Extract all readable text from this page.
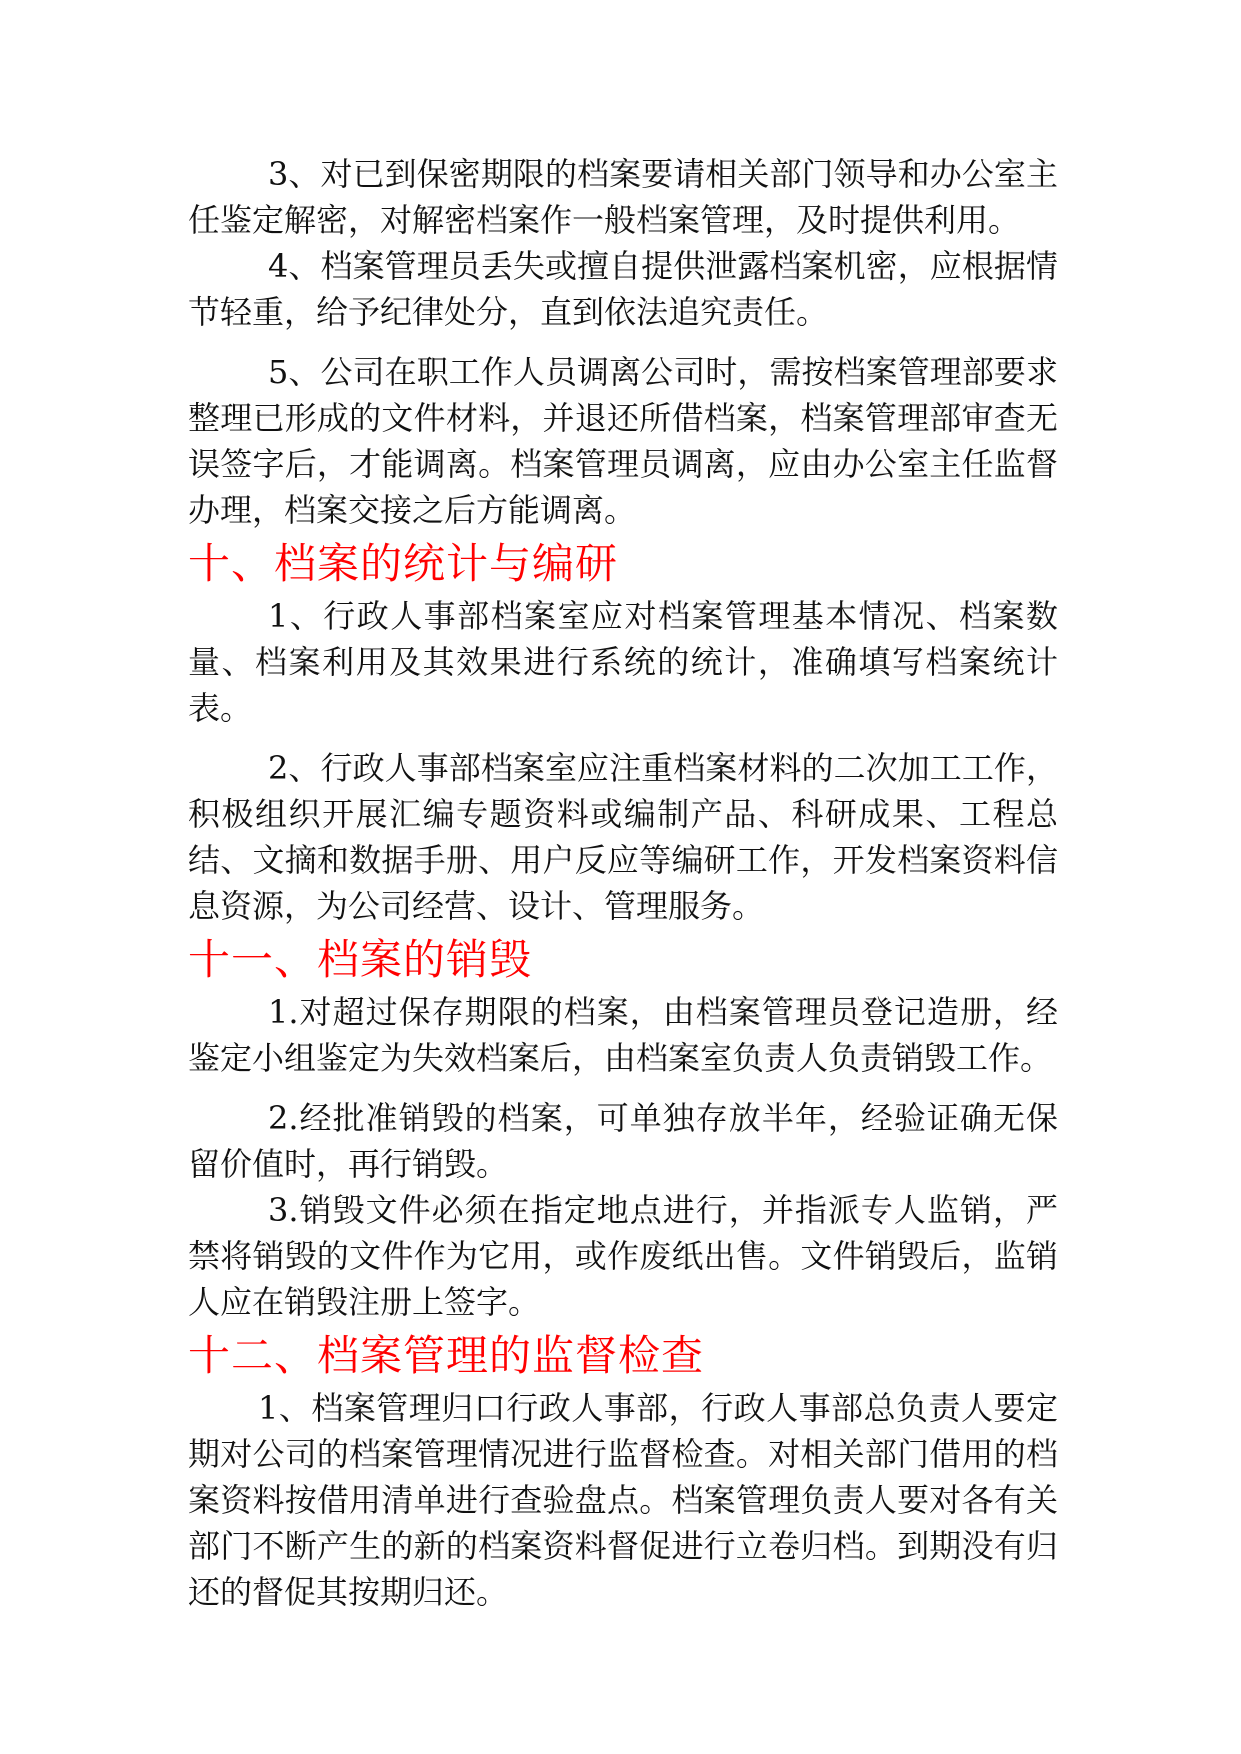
3、对已到保密期限的档案要请相关部门领导和办公室主任鉴定解密，对解密档案作一般档案管理，及时提供利用。

4、档案管理员丢失或擅自提供泄露档案机密，应根据情节轻重，给予纪律处分，直到依法追究责任。

5、公司在职工作人员调离公司时，需按档案管理部要求整理已形成的文件材料，并退还所借档案，档案管理部审查无误签字后，才能调离。档案管理员调离，应由办公室主任监督办理，档案交接之后方能调离。

十、档案的统计与编研

1、行政人事部档案室应对档案管理基本情况、档案数量、档案利用及其效果进行系统的统计，准确填写档案统计表。

2、行政人事部档案室应注重档案材料的二次加工工作，积极组织开展汇编专题资料或编制产品、科研成果、工程总结、文摘和数据手册、用户反应等编研工作，开发档案资料信息资源，为公司经营、设计、管理服务。

十一、档案的销毁

1.对超过保存期限的档案，由档案管理员登记造册，经鉴定小组鉴定为失效档案后，由档案室负责人负责销毁工作。

2.经批准销毁的档案，可单独存放半年，经验证确无保留价值时，再行销毁。

3.销毁文件必须在指定地点进行，并指派专人监销，严禁将销毁的文件作为它用，或作废纸出售。文件销毁后，监销人应在销毁注册上签字。

十二、档案管理的监督检查

1、档案管理归口行政人事部，行政人事部总负责人要定期对公司的档案管理情况进行监督检查。对相关部门借用的档案资料按借用清单进行查验盘点。档案管理负责人要对各有关部门不断产生的新的档案资料督促进行立卷归档。到期没有归还的督促其按期归还。
